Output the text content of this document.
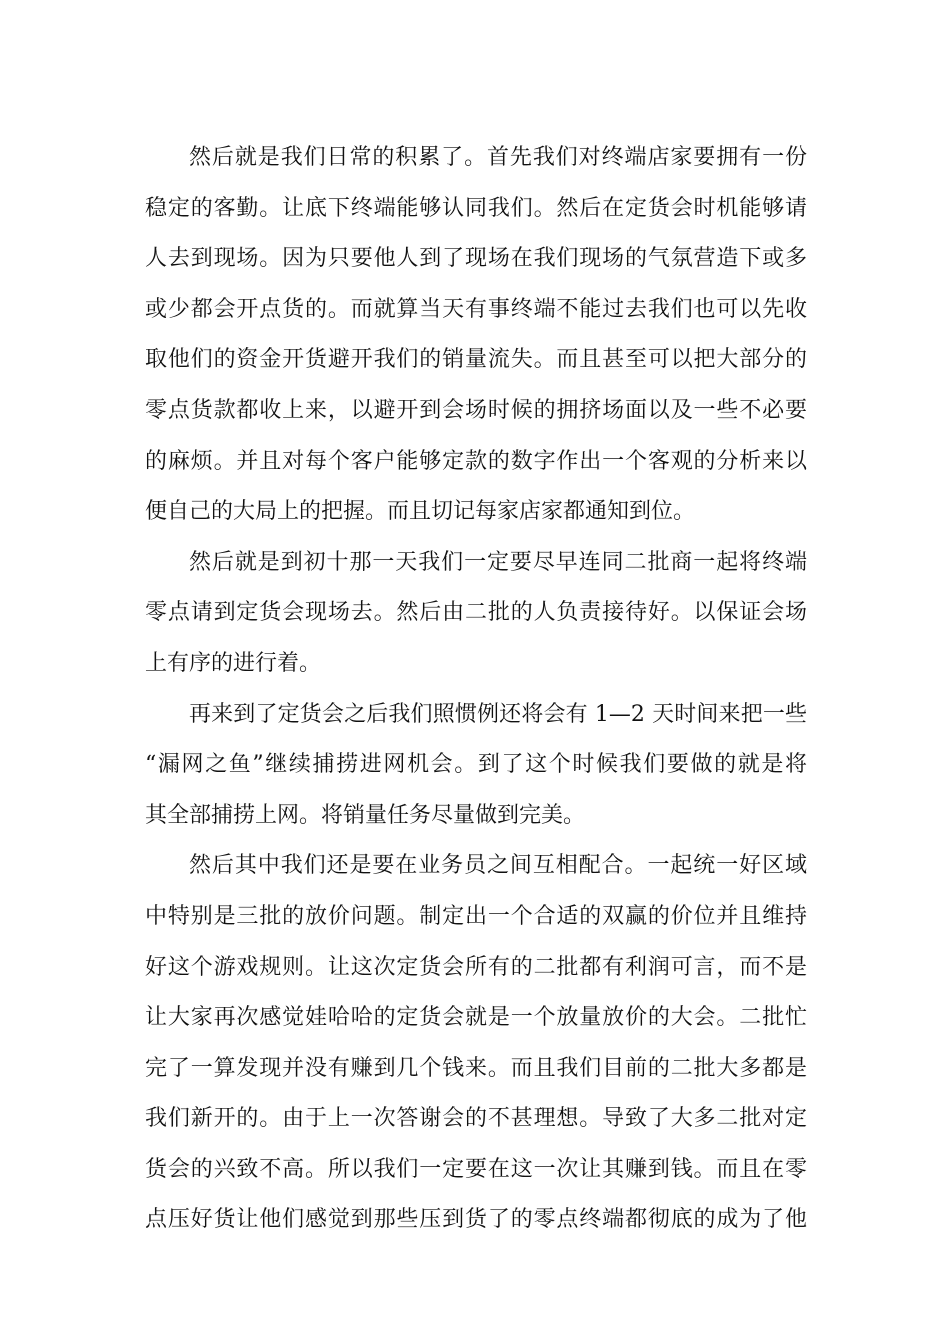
然后就是我们日常的积累了。首先我们对终端店家要拥有一份
稳定的客勤。让底下终端能够认同我们。然后在定货会时机能够请
人去到现场。因为只要他人到了现场在我们现场的气氛营造下或多
或少都会开点货的。而就算当天有事终端不能过去我们也可以先收
取他们的资金开货避开我们的销量流失。而且甚至可以把大部分的
零点货款都收上来，以避开到会场时候的拥挤场面以及一些不必要
的麻烦。并且对每个客户能够定款的数字作出一个客观的分析来以
便自己的大局上的把握。而且切记每家店家都通知到位。
然后就是到初十那一天我们一定要尽早连同二批商一起将终端
零点请到定货会现场去。然后由二批的人负责接待好。以保证会场
上有序的进行着。
再来到了定货会之后我们照惯例还将会有 1—2 天时间来把一些
“漏网之鱼”继续捕捞进网机会。到了这个时候我们要做的就是将
其全部捕捞上网。将销量任务尽量做到完美。
然后其中我们还是要在业务员之间互相配合。一起统一好区域
中特别是三批的放价问题。制定出一个合适的双赢的价位并且维持
好这个游戏规则。让这次定货会所有的二批都有利润可言，而不是
让大家再次感觉娃哈哈的定货会就是一个放量放价的大会。二批忙
完了一算发现并没有赚到几个钱来。而且我们目前的二批大多都是
我们新开的。由于上一次答谢会的不甚理想。导致了大多二批对定
货会的兴致不高。所以我们一定要在这一次让其赚到钱。而且在零
点压好货让他们感觉到那些压到货了的零点终端都彻底的成为了他
